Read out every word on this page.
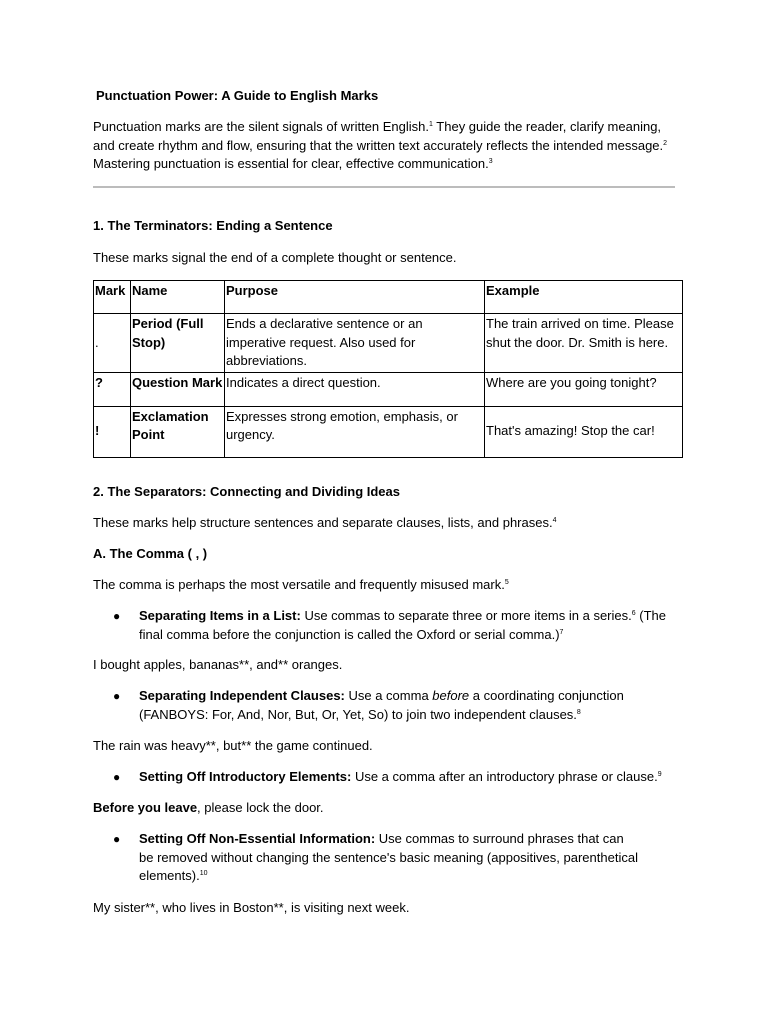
Punctuation Power: A Guide to English Marks
Punctuation marks are the silent signals of written English.$^1$ They guide the reader, clarify meaning, and create rhythm and flow, ensuring that the written text accurately reflects the intended message.$^2$ Mastering punctuation is essential for clear, effective communication.$^3$
1. The Terminators: Ending a Sentence
These marks signal the end of a complete thought or sentence.
Mark	Name	Purpose	Example
.	Period (Full Stop)	Ends a declarative sentence or an imperative request. Also used for abbreviations.	The train arrived on time. Please shut the door. Dr. Smith is here.
?	Question Mark	Indicates a direct question.	Where are you going tonight?
!	Exclamation Point	Expresses strong emotion, emphasis, or urgency.	That's amazing! Stop the car!
2. The Separators: Connecting and Dividing Ideas
These marks help structure sentences and separate clauses, lists, and phrases.$^4$
A. The Comma ( , )
The comma is perhaps the most versatile and frequently misused mark.$^5$
● Separating Items in a List: Use commas to separate three or more items in a series.$^6$ (The final comma before the conjunction is called the Oxford or serial comma.)$^7$
I bought apples, bananas**, and** oranges.
● Separating Independent Clauses: Use a comma before a coordinating conjunction (FANBOYS: For, And, Nor, But, Or, Yet, So) to join two independent clauses.$^8$
The rain was heavy**, but** the game continued.
● Setting Off Introductory Elements: Use a comma after an introductory phrase or clause.$^9$
Before you leave, please lock the door.
● Setting Off Non-Essential Information: Use commas to surround phrases that can be removed without changing the sentence's basic meaning (appositives, parenthetical elements).$^{10}$
My sister**, who lives in Boston**, is visiting next week.
